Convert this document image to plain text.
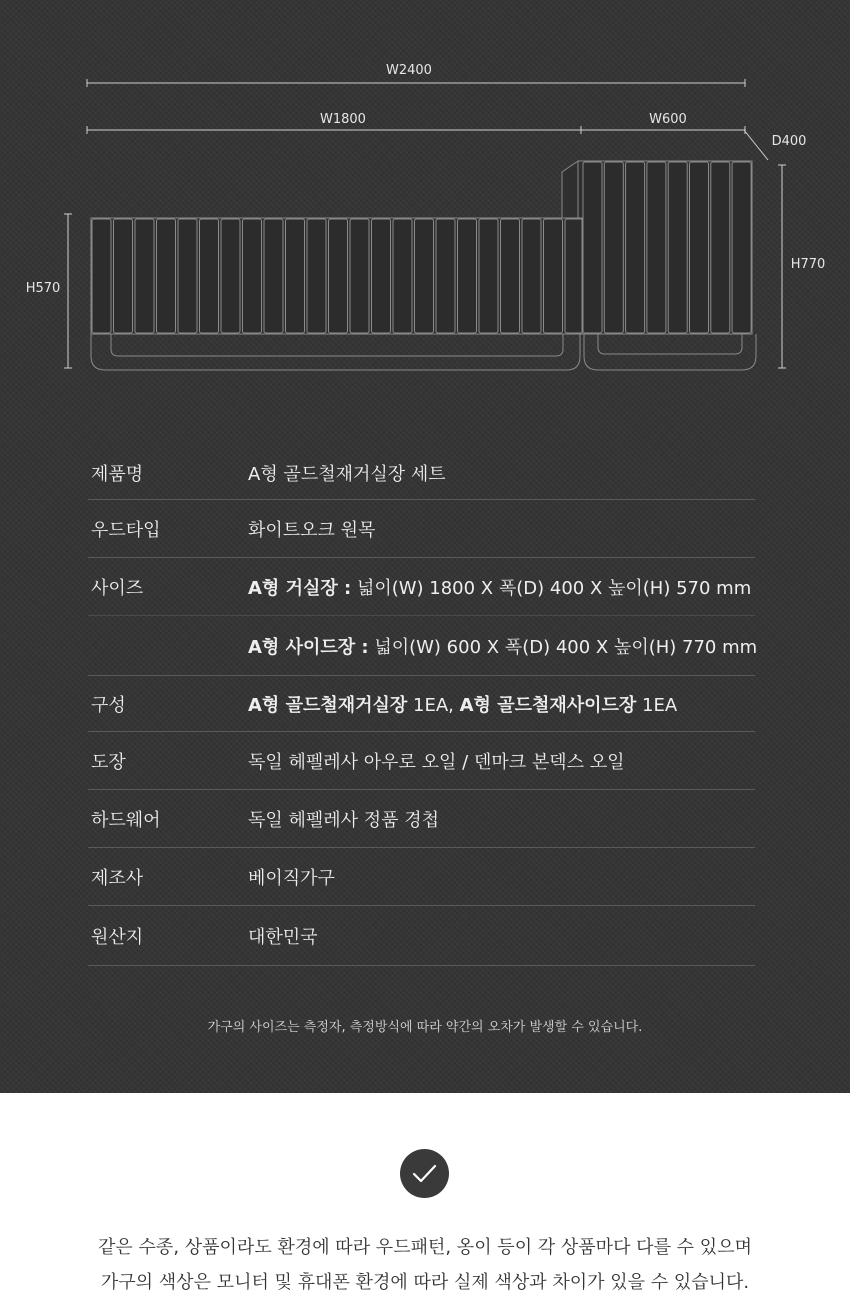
W2400
W1800	W600
D400
H570
H770
제품명	A형 골드철재거실장 세트
우드타입	화이트오크 원목
사이즈	A형 거실장 : 넓이(W) 1800 X 폭(D) 400 X 높이(H) 570 mm
A형 사이드장 : 넓이(W) 600 X 폭(D) 400 X 높이(H) 770 mm
구성	A형 골드철재거실장 1EA, A형 골드철재사이드장 1EA
도장	독일 헤펠레사 아우로 오일 / 덴마크 본덱스 오일
하드웨어	독일 헤펠레사 정품 경첩
제조사	베이직가구
원산지	대한민국
가구의 사이즈는 측정자, 측정방식에 따라 약간의 오차가 발생할 수 있습니다.
같은 수종, 상품이라도 환경에 따라 우드패턴, 옹이 등이 각 상품마다 다를 수 있으며
가구의 색상은 모니터 및 휴대폰 환경에 따라 실제 색상과 차이가 있을 수 있습니다.
